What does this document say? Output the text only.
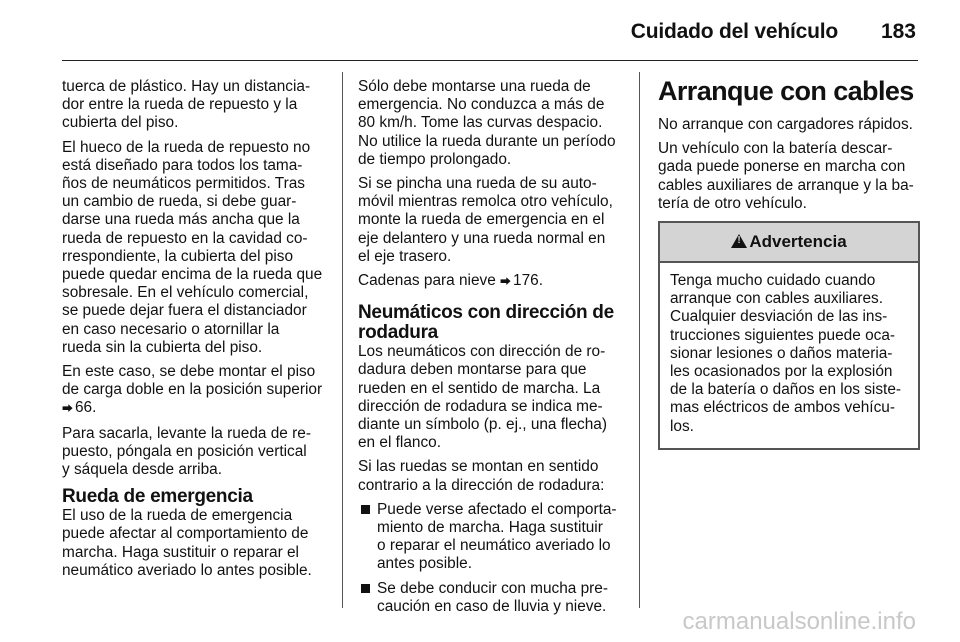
Cuidado del vehículo 183

tuerca de plástico. Hay un distancia-
dor entre la rueda de repuesto y la
cubierta del piso.

El hueco de la rueda de repuesto no
está diseñado para todos los tama-
ños de neumáticos permitidos. Tras
un cambio de rueda, si debe guar-
darse una rueda más ancha que la
rueda de repuesto en la cavidad co-
rrespondiente, la cubierta del piso
puede quedar encima de la rueda que
sobresale. En el vehículo comercial,
se puede dejar fuera el distanciador
en caso necesario o atornillar la
rueda sin la cubierta del piso.

En este caso, se debe montar el piso
de carga doble en la posición superior
⮕ 66.

Para sacarla, levante la rueda de re-
puesto, póngala en posición vertical
y sáquela desde arriba.

Rueda de emergencia

El uso de la rueda de emergencia
puede afectar al comportamiento de
marcha. Haga sustituir o reparar el
neumático averiado lo antes posible.

Sólo debe montarse una rueda de
emergencia. No conduzca a más de
80 km/h. Tome las curvas despacio.
No utilice la rueda durante un período
de tiempo prolongado.

Si se pincha una rueda de su auto-
móvil mientras remolca otro vehículo,
monte la rueda de emergencia en el
eje delantero y una rueda normal en
el eje trasero.

Cadenas para nieve ⮕ 176.

Neumáticos con dirección de
rodadura

Los neumáticos con dirección de ro-
dadura deben montarse para que
rueden en el sentido de marcha. La
dirección de rodadura se indica me-
diante un símbolo (p. ej., una flecha)
en el flanco.

Si las ruedas se montan en sentido
contrario a la dirección de rodadura:

Puede verse afectado el comporta-
miento de marcha. Haga sustituir
o reparar el neumático averiado lo
antes posible.
Se debe conducir con mucha pre-
caución en caso de lluvia y nieve.
Arranque con cables

No arranque con cargadores rápidos.

Un vehículo con la batería descar-
gada puede ponerse en marcha con
cables auxiliares de arranque y la ba-
tería de otro vehículo.

!
Advertencia
Tenga mucho cuidado cuando
arranque con cables auxiliares.
Cualquier desviación de las ins-
trucciones siguientes puede oca-
sionar lesiones o daños materia-
les ocasionados por la explosión
de la batería o daños en los siste-
mas eléctricos de ambos vehícu-
los.
carmanualsonline.info
